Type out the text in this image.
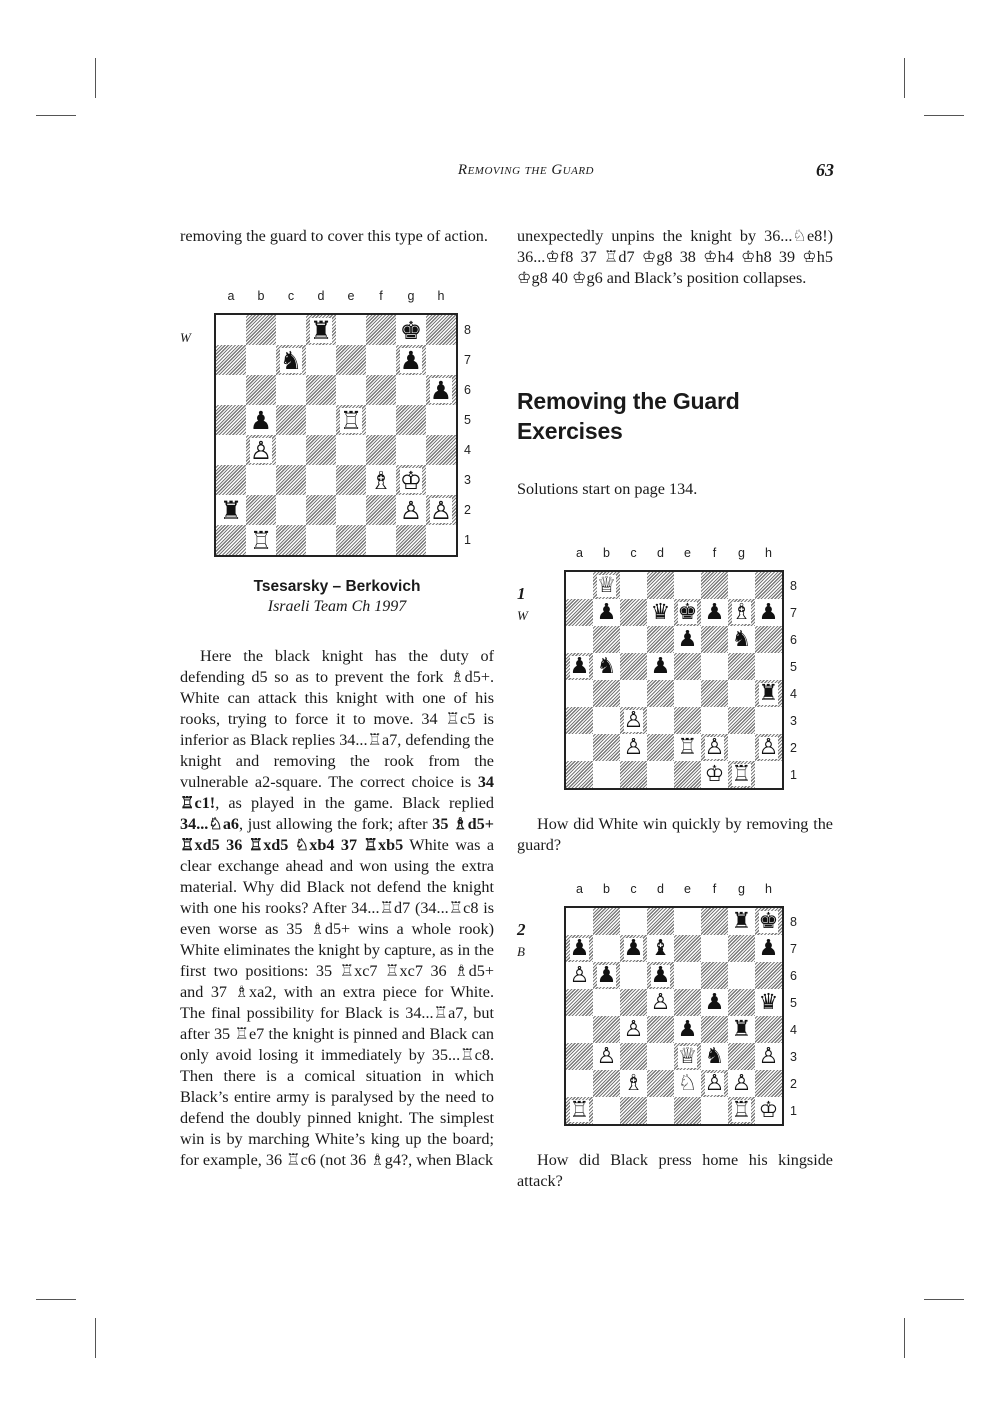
Removing the Guard	63

removing the guard to cover this type of action.	unexpectedly unpins the knight by 36...♘e8!) 36...♔f8 37 ♖d7 ♔g8 38 ♔h4 ♔h8 39 ♔h5 ♔g8 40 ♔g6 and Black’s position collapses.

a	b	c	d	e	f	g	h
♜	♚
♞	♟
♟
♟	♖
♙
♗ ♔
♜	♙ ♙
♖
8
7
6
5
4
3
2
1
W
Tsesarsky – Berkovich
Israeli Team Ch 1997

Here the black knight has the duty of defending d5 so as to prevent the fork ♗d5+. White can attack this knight with one of his rooks, trying to force it to move. 34 ♖c5 is inferior as Black replies 34...♖a7, defending the knight and removing the rook from the vulnerable a2-square. The correct choice is 34 ♖c1!, as played in the game. Black replied 34...♘a6, just allowing the fork; after 35 ♗d5+ ♖xd5 36 ♖xd5 ♘xb4 37 ♖xb5 White was a clear exchange ahead and won using the extra material. Why did Black not defend the knight with one his rooks? After 34...♖d7 (34...♖c8 is even worse as 35 ♗d5+ wins a whole rook) White eliminates the knight by capture, as in the first two positions: 35 ♖xc7 ♖xc7 36 ♗d5+ and 37 ♗xa2, with an extra piece for White. The final possibility for Black is 34...♖a7, but after 35 ♖e7 the knight is pinned and Black can only avoid losing it immediately by 35...♖c8. Then there is a comical situation in which Black’s entire army is paralysed by the need to defend the doubly pinned knight. The simplest win is by marching White’s king up the board; for example, 36 ♖c6 (not 36 ♗g4?, when Black

Removing the Guard
Exercises

Solutions start on page 134.

1
W
a	b	c	d	e	f	g	h
♕
♟ ♛ ♚ ♟ ♗ ♟
♟ ♞
♟ ♞ ♟
♜
♙
♙ ♖ ♙ ♙
♔ ♖
8
7
6
5
4
3
2
1

How did White win quickly by removing the guard?

2
B
a	b	c	d	e	f	g	h
♜ ♚
♟ ♟ ♝	♟
♙ ♟ ♟
♙ ♟ ♛
♙ ♟ ♜
♙	♕ ♞ ♙
♗ ♘ ♙ ♙
♖	♖ ♔
8
7
6
5
4
3
2
1

How did Black press home his kingside attack?
